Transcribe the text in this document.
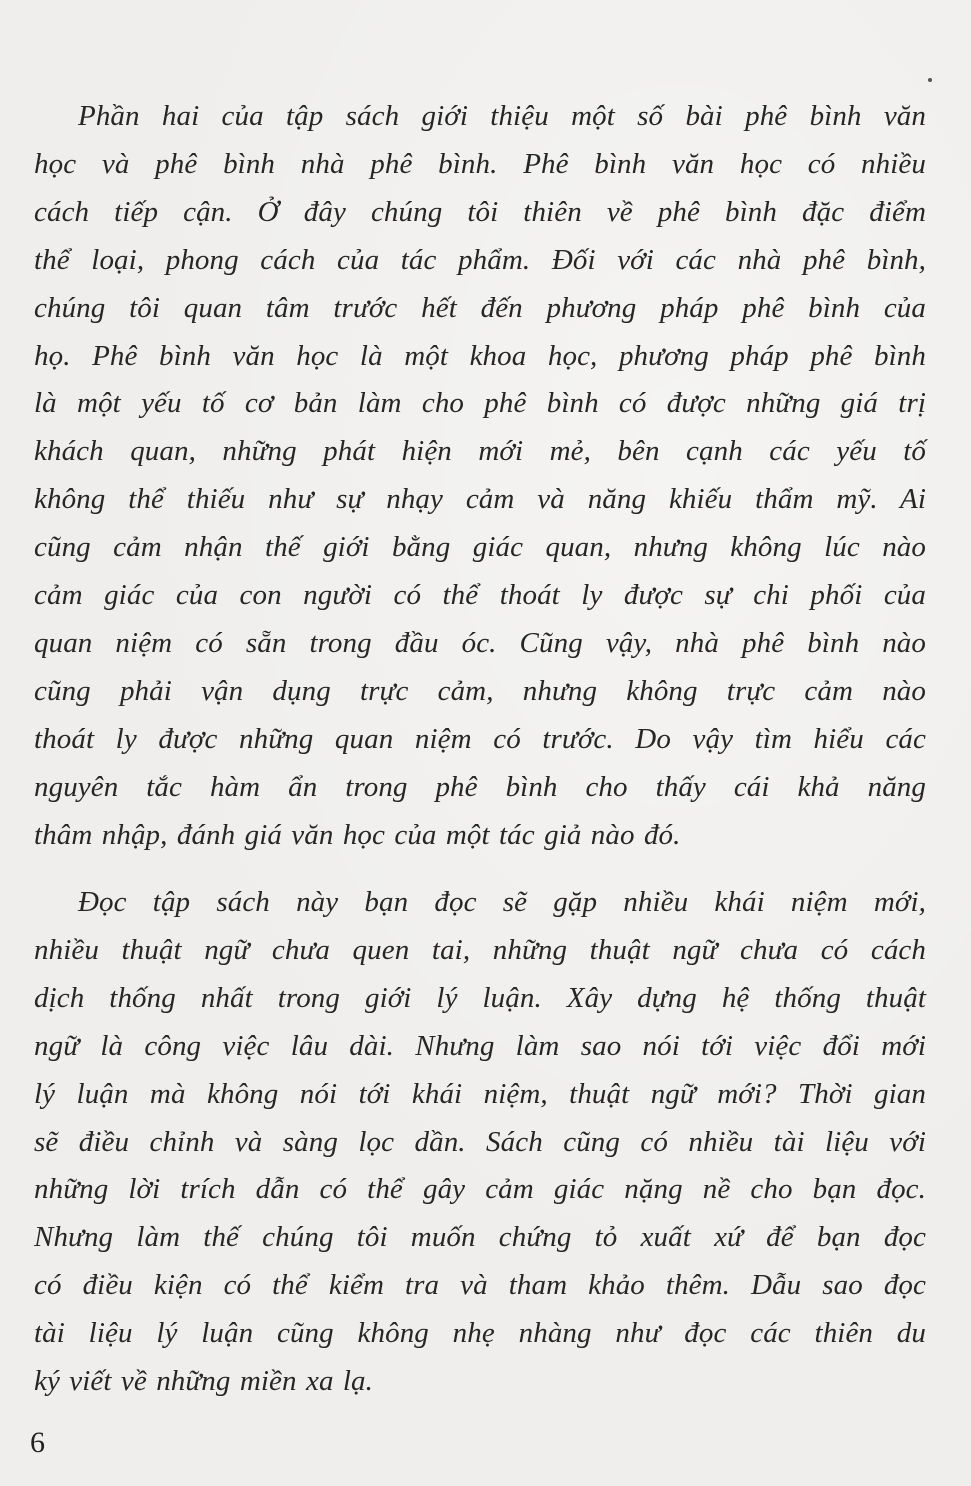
Phần hai của tập sách giới thiệu một số bài phê bình văn
học và phê bình nhà phê bình. Phê bình văn học có nhiều
cách tiếp cận. Ở đây chúng tôi thiên về phê bình đặc điểm
thể loại, phong cách của tác phẩm. Đối với các nhà phê bình,
chúng tôi quan tâm trước hết đến phương pháp phê bình của
họ. Phê bình văn học là một khoa học, phương pháp phê bình
là một yếu tố cơ bản làm cho phê bình có được những giá trị
khách quan, những phát hiện mới mẻ, bên cạnh các yếu tố
không thể thiếu như sự nhạy cảm và năng khiếu thẩm mỹ. Ai
cũng cảm nhận thế giới bằng giác quan, nhưng không lúc nào
cảm giác của con người có thể thoát ly được sự chi phối của
quan niệm có sẵn trong đầu óc. Cũng vậy, nhà phê bình nào
cũng phải vận dụng trực cảm, nhưng không trực cảm nào
thoát ly được những quan niệm có trước. Do vậy tìm hiểu các
nguyên tắc hàm ẩn trong phê bình cho thấy cái khả năng
thâm nhập, đánh giá văn học của một tác giả nào đó.

Đọc tập sách này bạn đọc sẽ gặp nhiều khái niệm mới,
nhiều thuật ngữ chưa quen tai, những thuật ngữ chưa có cách
dịch thống nhất trong giới lý luận. Xây dựng hệ thống thuật
ngữ là công việc lâu dài. Nhưng làm sao nói tới việc đổi mới
lý luận mà không nói tới khái niệm, thuật ngữ mới? Thời gian
sẽ điều chỉnh và sàng lọc dần. Sách cũng có nhiều tài liệu với
những lời trích dẫn có thể gây cảm giác nặng nề cho bạn đọc.
Nhưng làm thế chúng tôi muốn chứng tỏ xuất xứ để bạn đọc
có điều kiện có thể kiểm tra và tham khảo thêm. Dẫu sao đọc
tài liệu lý luận cũng không nhẹ nhàng như đọc các thiên du
ký viết về những miền xa lạ.

6
